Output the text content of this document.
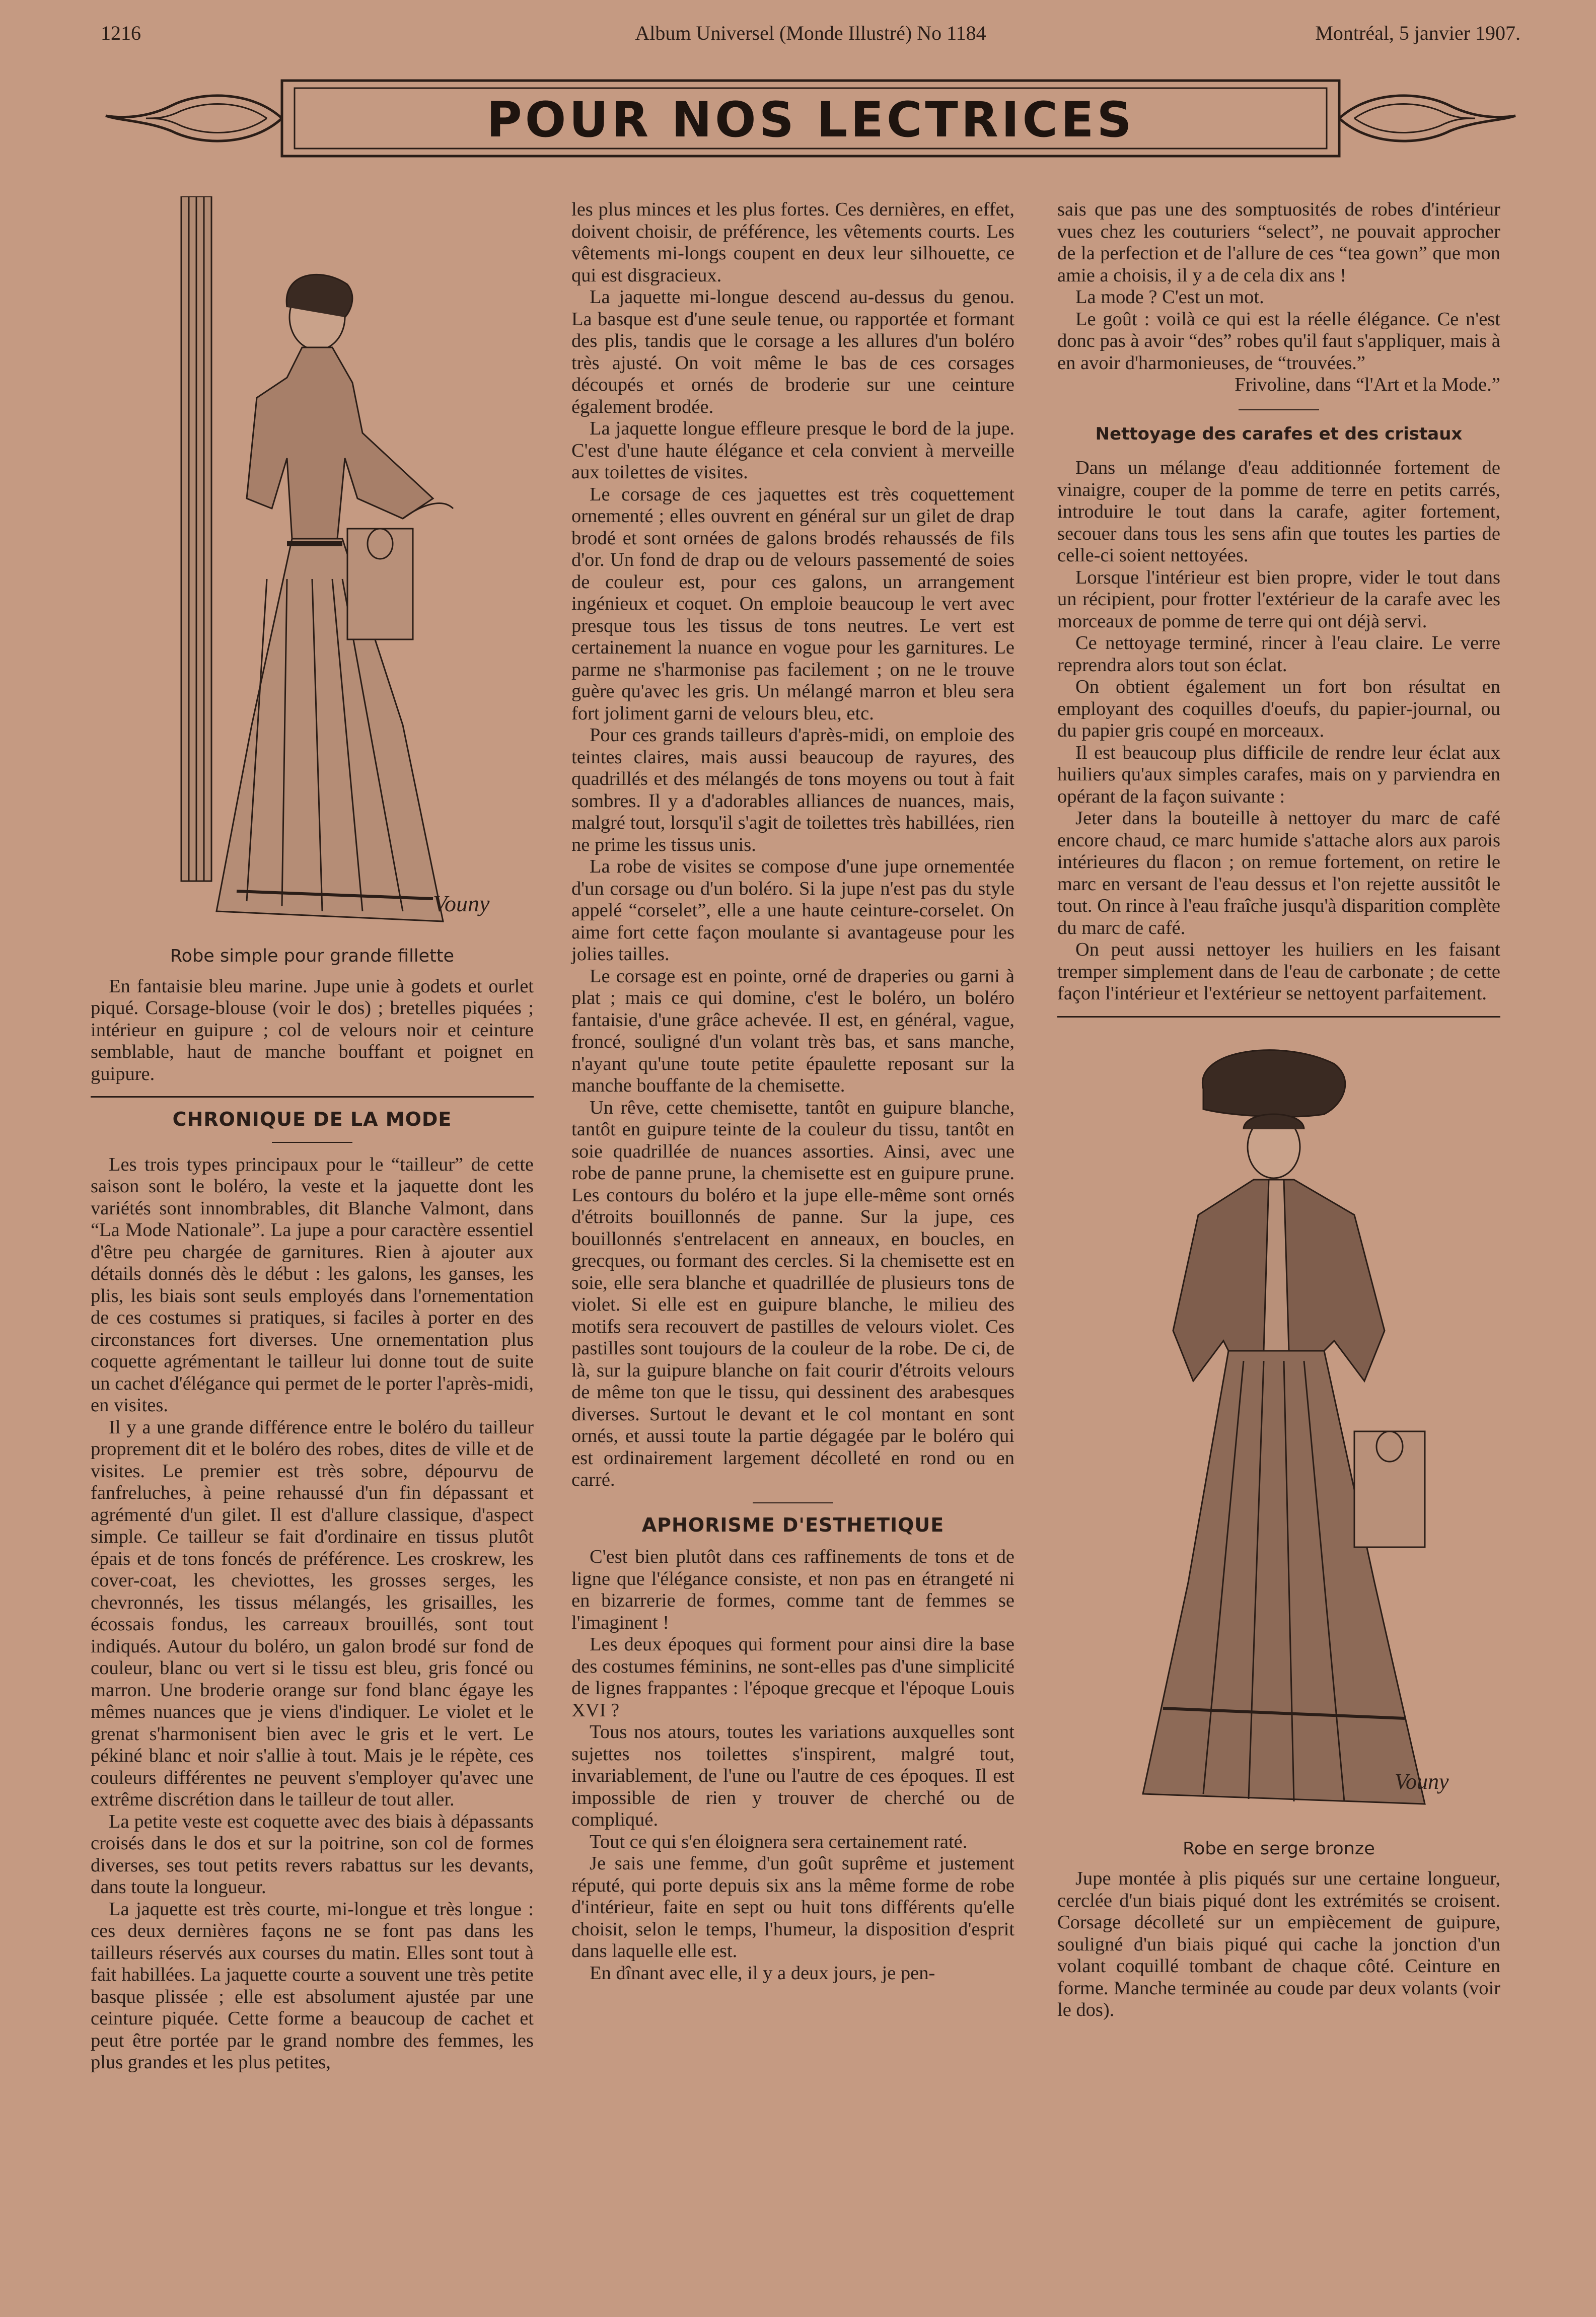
1216	Album Universel (Monde Illustré) No 1184	Montréal, 5 janvier 1907.
POUR NOS LECTRICES
Vouny

Robe simple pour grande fillette

En fantaisie bleu marine. Jupe unie à godets et ourlet piqué. Corsage-blouse (voir le dos) ; bretelles piquées ; intérieur en guipure ; col de velours noir et ceinture semblable, haut de manche bouffant et poignet en guipure.

CHRONIQUE DE LA MODE

Les trois types principaux pour le “tailleur” de cette saison sont le boléro, la veste et la jaquette dont les variétés sont innombrables, dit Blanche Valmont, dans “La Mode Nationale”. La jupe a pour caractère essentiel d'être peu chargée de garnitures. Rien à ajouter aux détails donnés dès le début : les galons, les ganses, les plis, les biais sont seuls employés dans l'ornementation de ces costumes si pratiques, si faciles à porter en des circonstances fort diverses. Une ornementation plus coquette agrémentant le tailleur lui donne tout de suite un cachet d'élégance qui permet de le porter l'après-midi, en visites.

Il y a une grande différence entre le boléro du tailleur proprement dit et le boléro des robes, dites de ville et de visites. Le premier est très sobre, dépourvu de fanfreluches, à peine rehaussé d'un fin dépassant et agrémenté d'un gilet. Il est d'allure classique, d'aspect simple. Ce tailleur se fait d'ordinaire en tissus plutôt épais et de tons foncés de préférence. Les croskrew, les cover-coat, les cheviottes, les grosses serges, les chevronnés, les tissus mélangés, les grisailles, les écossais fondus, les carreaux brouillés, sont tout indiqués. Autour du boléro, un galon brodé sur fond de couleur, blanc ou vert si le tissu est bleu, gris foncé ou marron. Une broderie orange sur fond blanc égaye les mêmes nuances que je viens d'indiquer. Le violet et le grenat s'harmonisent bien avec le gris et le vert. Le pékiné blanc et noir s'allie à tout. Mais je le répète, ces couleurs différentes ne peuvent s'employer qu'avec une extrême discrétion dans le tailleur de tout aller.

La petite veste est coquette avec des biais à dépassants croisés dans le dos et sur la poitrine, son col de formes diverses, ses tout petits revers rabattus sur les devants, dans toute la longueur.

La jaquette est très courte, mi-longue et très longue : ces deux dernières façons ne se font pas dans les tailleurs réservés aux courses du matin. Elles sont tout à fait habillées. La jaquette courte a souvent une très petite basque plissée ; elle est absolument ajustée par une ceinture piquée. Cette forme a beaucoup de cachet et peut être portée par le grand nombre des femmes, les plus grandes et les plus petites,

les plus minces et les plus fortes. Ces dernières, en effet, doivent choisir, de préférence, les vêtements courts. Les vêtements mi-longs coupent en deux leur silhouette, ce qui est disgracieux.

La jaquette mi-longue descend au-dessus du genou. La basque est d'une seule tenue, ou rapportée et formant des plis, tandis que le corsage a les allures d'un boléro très ajusté. On voit même le bas de ces corsages découpés et ornés de broderie sur une ceinture également brodée.

La jaquette longue effleure presque le bord de la jupe. C'est d'une haute élégance et cela convient à merveille aux toilettes de visites.

Le corsage de ces jaquettes est très coquettement ornementé ; elles ouvrent en général sur un gilet de drap brodé et sont ornées de galons brodés rehaussés de fils d'or. Un fond de drap ou de velours passementé de soies de couleur est, pour ces galons, un arrangement ingénieux et coquet. On emploie beaucoup le vert avec presque tous les tissus de tons neutres. Le vert est certainement la nuance en vogue pour les garnitures. Le parme ne s'harmonise pas facilement ; on ne le trouve guère qu'avec les gris. Un mélangé marron et bleu sera fort joliment garni de velours bleu, etc.

Pour ces grands tailleurs d'après-midi, on emploie des teintes claires, mais aussi beaucoup de rayures, des quadrillés et des mélangés de tons moyens ou tout à fait sombres. Il y a d'adorables alliances de nuances, mais, malgré tout, lorsqu'il s'agit de toilettes très habillées, rien ne prime les tissus unis.

La robe de visites se compose d'une jupe ornementée d'un corsage ou d'un boléro. Si la jupe n'est pas du style appelé “corselet”, elle a une haute ceinture-corselet. On aime fort cette façon moulante si avantageuse pour les jolies tailles.

Le corsage est en pointe, orné de draperies ou garni à plat ; mais ce qui domine, c'est le boléro, un boléro fantaisie, d'une grâce achevée. Il est, en général, vague, froncé, souligné d'un volant très bas, et sans manche, n'ayant qu'une toute petite épaulette reposant sur la manche bouffante de la chemisette.

Un rêve, cette chemisette, tantôt en guipure blanche, tantôt en guipure teinte de la couleur du tissu, tantôt en soie quadrillée de nuances assorties. Ainsi, avec une robe de panne prune, la chemisette est en guipure prune. Les contours du boléro et la jupe elle-même sont ornés d'étroits bouillonnés de panne. Sur la jupe, ces bouillonnés s'entrelacent en anneaux, en boucles, en grecques, ou formant des cercles. Si la chemisette est en soie, elle sera blanche et quadrillée de plusieurs tons de violet. Si elle est en guipure blanche, le milieu des motifs sera recouvert de pastilles de velours violet. Ces pastilles sont toujours de la couleur de la robe. De ci, de là, sur la guipure blanche on fait courir d'étroits velours de même ton que le tissu, qui dessinent des arabesques diverses. Surtout le devant et le col montant en sont ornés, et aussi toute la partie dégagée par le boléro qui est ordinairement largement décolleté en rond ou en carré.

APHORISME D'ESTHETIQUE

C'est bien plutôt dans ces raffinements de tons et de ligne que l'élégance consiste, et non pas en étrangeté ni en bizarrerie de formes, comme tant de femmes se l'imaginent !

Les deux époques qui forment pour ainsi dire la base des costumes féminins, ne sont-elles pas d'une simplicité de lignes frappantes : l'époque grecque et l'époque Louis XVI ?

Tous nos atours, toutes les variations auxquelles sont sujettes nos toilettes s'inspirent, malgré tout, invariablement, de l'une ou l'autre de ces époques. Il est impossible de rien y trouver de cherché ou de compliqué.

Tout ce qui s'en éloignera sera certainement raté.

Je sais une femme, d'un goût suprême et justement réputé, qui porte depuis six ans la même forme de robe d'intérieur, faite en sept ou huit tons différents qu'elle choisit, selon le temps, l'humeur, la disposition d'esprit dans laquelle elle est.

En dînant avec elle, il y a deux jours, je pen-

sais que pas une des somptuosités de robes d'intérieur vues chez les couturiers “select”, ne pouvait approcher de la perfection et de l'allure de ces “tea gown” que mon amie a choisis, il y a de cela dix ans !

La mode ? C'est un mot.

Le goût : voilà ce qui est la réelle élégance. Ce n'est donc pas à avoir “des” robes qu'il faut s'appliquer, mais à en avoir d'harmonieuses, de “trouvées.”

Frivoline, dans “l'Art et la Mode.”

Nettoyage des carafes et des cristaux

Dans un mélange d'eau additionnée fortement de vinaigre, couper de la pomme de terre en petits carrés, introduire le tout dans la carafe, agiter fortement, secouer dans tous les sens afin que toutes les parties de celle-ci soient nettoyées.

Lorsque l'intérieur est bien propre, vider le tout dans un récipient, pour frotter l'extérieur de la carafe avec les morceaux de pomme de terre qui ont déjà servi.

Ce nettoyage terminé, rincer à l'eau claire. Le verre reprendra alors tout son éclat.

On obtient également un fort bon résultat en employant des coquilles d'oeufs, du papier-journal, ou du papier gris coupé en morceaux.

Il est beaucoup plus difficile de rendre leur éclat aux huiliers qu'aux simples carafes, mais on y parviendra en opérant de la façon suivante :

Jeter dans la bouteille à nettoyer du marc de café encore chaud, ce marc humide s'attache alors aux parois intérieures du flacon ; on remue fortement, on retire le marc en versant de l'eau dessus et l'on rejette aussitôt le tout. On rince à l'eau fraîche jusqu'à disparition complète du marc de café.

On peut aussi nettoyer les huiliers en les faisant tremper simplement dans de l'eau de carbonate ; de cette façon l'intérieur et l'extérieur se nettoyent parfaitement.

Vouny

Robe en serge bronze

Jupe montée à plis piqués sur une certaine longueur, cerclée d'un biais piqué dont les extrémités se croisent. Corsage décolleté sur un empiècement de guipure, souligné d'un biais piqué qui cache la jonction d'un volant coquillé tombant de chaque côté. Ceinture en forme. Manche terminée au coude par deux volants (voir le dos).
